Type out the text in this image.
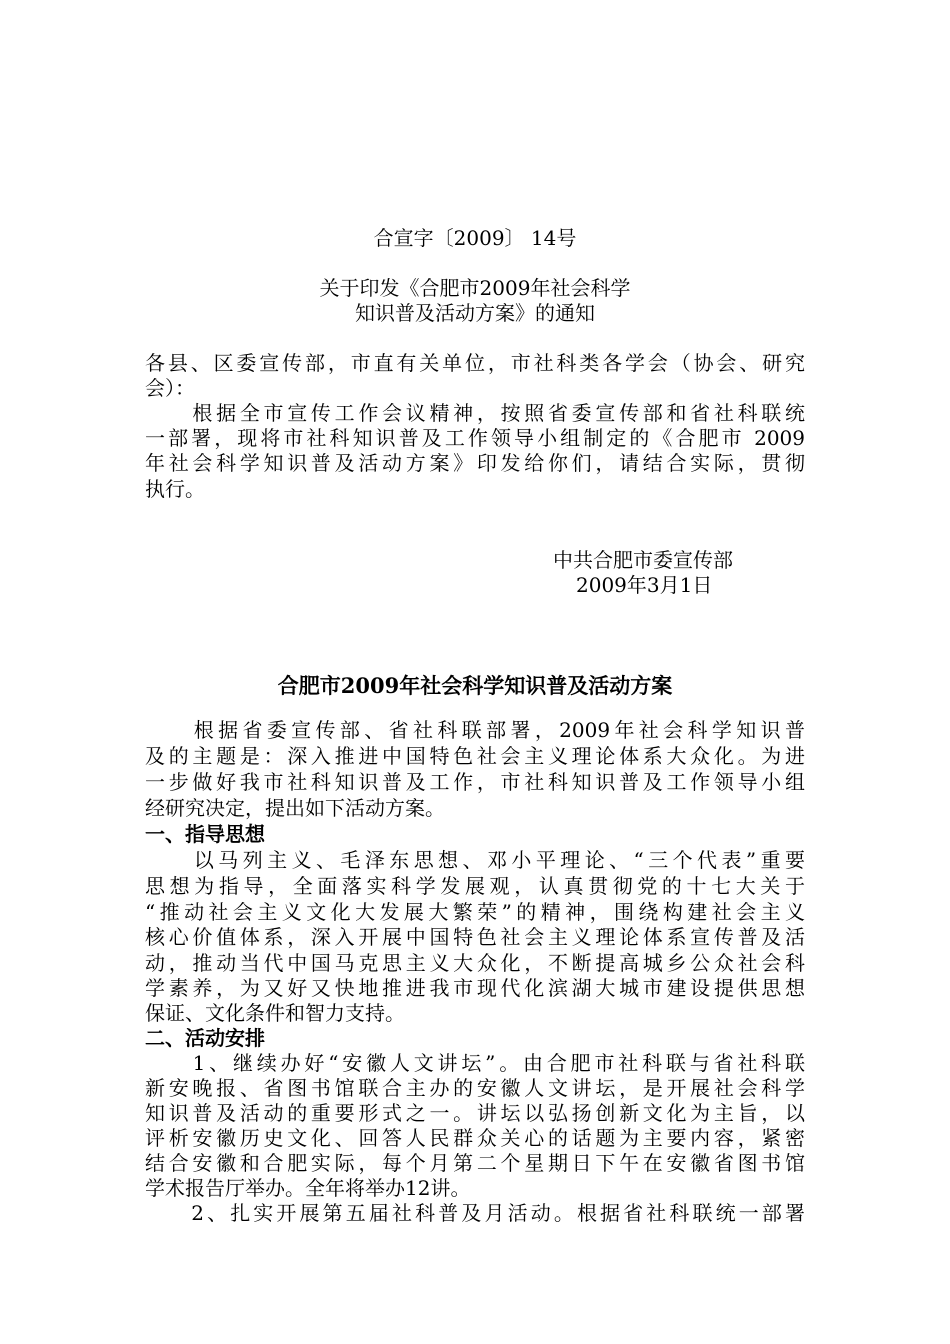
合宣字〔2009〕 14号
关于印发《合肥市2009年社会科学
知识普及活动方案》的通知
各县、区委宣传部，市直有关单位，市社科类各学会（协会、研究
会）：
　　根据全市宣传工作会议精神，按照省委宣传部和省社科联统
一部署，现将市社科知识普及工作领导小组制定的《合肥市 2009
年社会科学知识普及活动方案》印发给你们，请结合实际，贯彻
执行。
中共合肥市委宣传部
2009年3月1日
合肥市2009年社会科学知识普及活动方案
　　根据省委宣传部、省社科联部署，2009年社会科学知识普
及的主题是：深入推进中国特色社会主义理论体系大众化。为进
一步做好我市社科知识普及工作，市社科知识普及工作领导小组
经研究决定，提出如下活动方案。
一、指导思想
　　以马列主义、毛泽东思想、邓小平理论、“三个代表”重要
思想为指导，全面落实科学发展观，认真贯彻党的十七大关于
“推动社会主义文化大发展大繁荣”的精神，围绕构建社会主义
核心价值体系，深入开展中国特色社会主义理论体系宣传普及活
动，推动当代中国马克思主义大众化，不断提高城乡公众社会科
学素养，为又好又快地推进我市现代化滨湖大城市建设提供思想
保证、文化条件和智力支持。
二、活动安排
　　1、继续办好“安徽人文讲坛”。由合肥市社科联与省社科联
新安晚报、省图书馆联合主办的安徽人文讲坛，是开展社会科学
知识普及活动的重要形式之一。讲坛以弘扬创新文化为主旨，以
评析安徽历史文化、回答人民群众关心的话题为主要内容，紧密
结合安徽和合肥实际，每个月第二个星期日下午在安徽省图书馆
学术报告厅举办。全年将举办12讲。
　　2、扎实开展第五届社科普及月活动。根据省社科联统一部署
